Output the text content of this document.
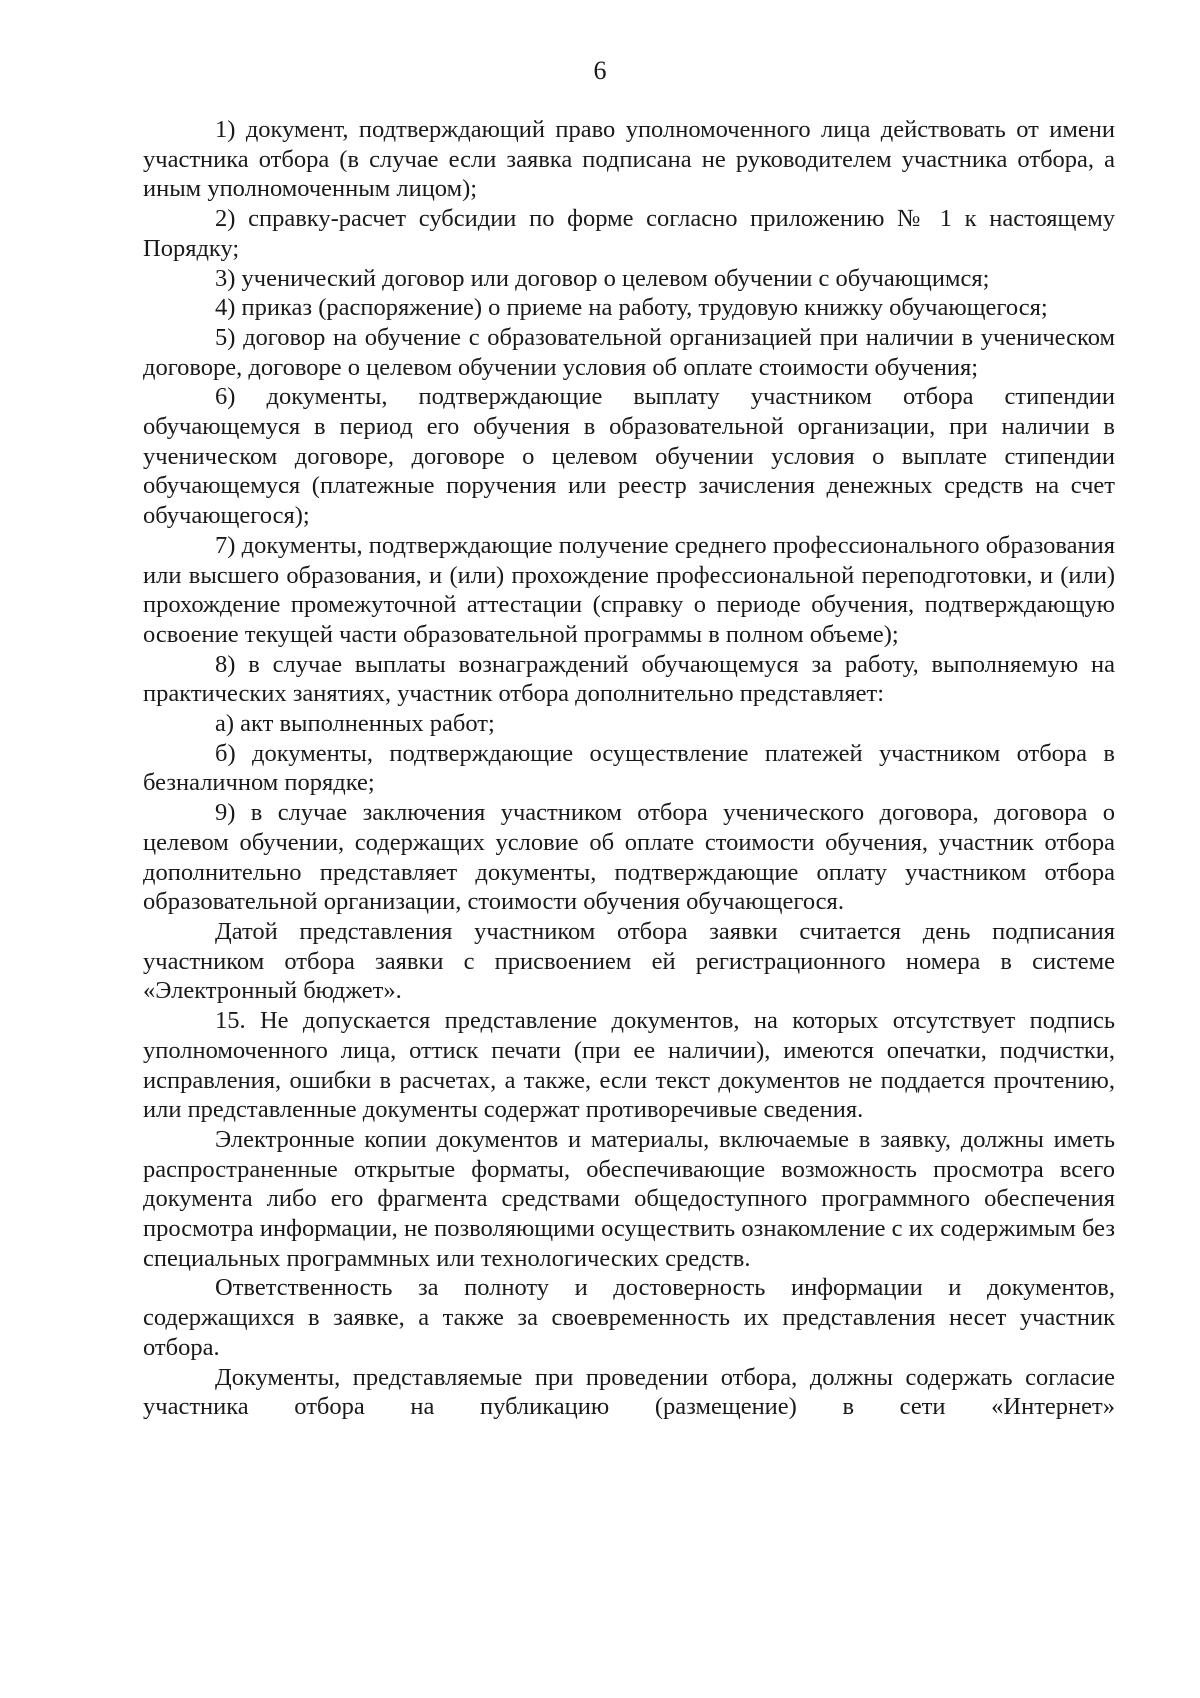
6

1) документ, подтверждающий право уполномоченного лица действовать от имени участника отбора (в случае если заявка подписана не руководителем участника отбора, а иным уполномоченным лицом);

2) справку-расчет субсидии по форме согласно приложению № 1 к настоящему Порядку;

3) ученический договор или договор о целевом обучении с обучающимся;

4) приказ (распоряжение) о приеме на работу, трудовую книжку обучающегося;

5) договор на обучение с образовательной организацией при наличии в ученическом договоре, договоре о целевом обучении условия об оплате стоимости обучения;

6) документы, подтверждающие выплату участником отбора стипендии обучающемуся в период его обучения в образовательной организации, при наличии в ученическом договоре, договоре о целевом обучении условия о выплате стипендии обучающемуся (платежные поручения или реестр зачисления денежных средств на счет обучающегося);

7) документы, подтверждающие получение среднего профессионального образования или высшего образования, и (или) прохождение профессиональной переподготовки, и (или) прохождение промежуточной аттестации (справку о периоде обучения, подтверждающую освоение текущей части образовательной программы в полном объеме);

8) в случае выплаты вознаграждений обучающемуся за работу, выполняемую на практических занятиях, участник отбора дополнительно представляет:

а) акт выполненных работ;

б) документы, подтверждающие осуществление платежей участником отбора в безналичном порядке;

9) в случае заключения участником отбора ученического договора, договора о целевом обучении, содержащих условие об оплате стоимости обучения, участник отбора дополнительно представляет документы, подтверждающие оплату участником отбора образовательной организации, стоимости обучения обучающегося.

Датой представления участником отбора заявки считается день подписания участником отбора заявки с присвоением ей регистрационного номера в системе «Электронный бюджет».

15. Не допускается представление документов, на которых отсутствует подпись уполномоченного лица, оттиск печати (при ее наличии), имеются опечатки, подчистки, исправления, ошибки в расчетах, а также, если текст документов не поддается прочтению, или представленные документы содержат противоречивые сведения.

Электронные копии документов и материалы, включаемые в заявку, должны иметь распространенные открытые форматы, обеспечивающие возможность просмотра всего документа либо его фрагмента средствами общедоступного программного обеспечения просмотра информации, не позволяющими осуществить ознакомление с их содержимым без специальных программных или технологических средств.

Ответственность за полноту и достоверность информации и документов, содержащихся в заявке, а также за своевременность их представления несет участник отбора.

Документы, представляемые при проведении отбора, должны содержать согласие участника отбора на публикацию (размещение) в сети «Интернет»
